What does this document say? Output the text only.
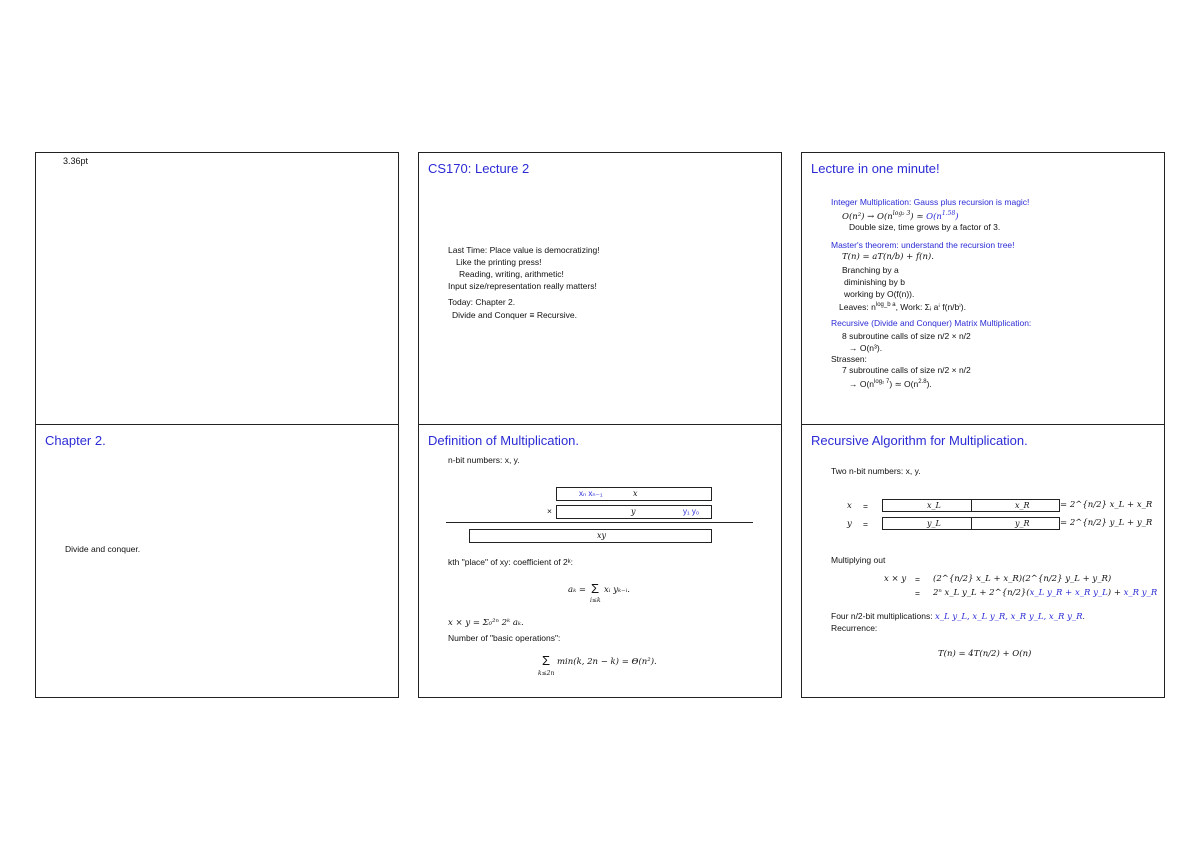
3.36pt	CS170: Lecture 2
Last Time: Place value is democratizing!
Like the printing press!
Reading, writing, arithmetic!
Input size/representation really matters!
Today: Chapter 2.
Divide and Conquer ≡ Recursive.
Lecture in one minute!
Integer Multiplication: Gauss plus recursion is magic!
$O(n^2) \to O(n^{log_2 3})$ ≃ $O(n^{1.58})$
Double size, time grows by a factor of 3.
Master's theorem: understand the recursion tree!
T(n) = aT(n/b) + f(n).
Branching by a
diminishing by b
working by O(f(n)).
Leaves: $n^{log\_b a}$, Work: Σᵢ aⁱ f(n/bⁱ).
Recursive (Divide and Conquer) Matrix Multiplication:
8 subroutine calls of size n/2 × n/2
→ O(n³).
Strassen:
7 subroutine calls of size n/2 × n/2
→ $O(n^{log_2 7})$ ≃ $O(n^{2.8})$.
Chapter 2.
Divide and conquer.
Definition of Multiplication.
n-bit numbers: x, y.
xₙ xₙ₋₁	x
×	y	y₁ y₀
xy
kth "place" of xy: coefficient of 2ᵏ:
aₖ = Σ
i≤k
xᵢ yₖ₋ᵢ.
x × y = Σ₀²ⁿ 2ᵏ aₖ.
Number of "basic operations":
Σ
k≤2n
min(k, 2n − k) = Θ(n²).
Recursive Algorithm for Multiplication.
Two n-bit numbers: x, y.
x =	x_L	x_R	= 2^{n/2} x_L + x_R
y =	y_L	y_R	= 2^{n/2} y_L + y_R
Multiplying out
x × y = (2^{n/2} x_L + x_R)(2^{n/2} y_L + y_R)
= 2ⁿ x_L y_L + 2^{n/2}(x_L y_R + x_R y_L) + x_R y_R
Four n/2-bit multiplications: x_L y_L, x_L y_R, x_R y_L, x_R y_R.
Recurrence:
T(n) = 4T(n/2) + O(n)
